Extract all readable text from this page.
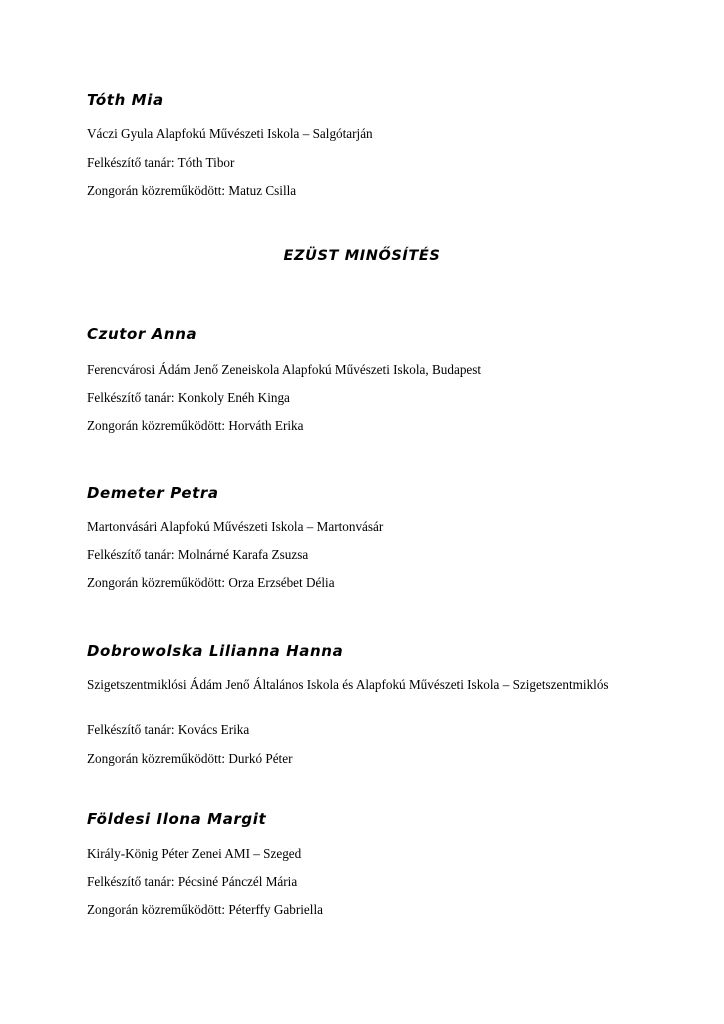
Tóth Mia

Váczi Gyula Alapfokú Művészeti Iskola – Salgótarján

Felkészítő tanár: Tóth Tibor

Zongorán közreműködött: Matuz Csilla

EZÜST MINŐSÍTÉS
Czutor Anna

Ferencvárosi Ádám Jenő Zeneiskola Alapfokú Művészeti Iskola, Budapest

Felkészítő tanár: Konkoly Enéh Kinga

Zongorán közreműködött: Horváth Erika

Demeter Petra

Martonvásári Alapfokú Művészeti Iskola – Martonvásár

Felkészítő tanár: Molnárné Karafa Zsuzsa

Zongorán közreműködött: Orza Erzsébet Délia

Dobrowolska Lilianna Hanna

Szigetszentmiklósi Ádám Jenő Általános Iskola és Alapfokú Művészeti Iskola – Szigetszentmiklós

Felkészítő tanár: Kovács Erika

Zongorán közreműködött: Durkó Péter

Földesi Ilona Margit

Király-König Péter Zenei AMI – Szeged

Felkészítő tanár: Pécsiné Pánczél Mária

Zongorán közreműködött: Péterffy Gabriella
